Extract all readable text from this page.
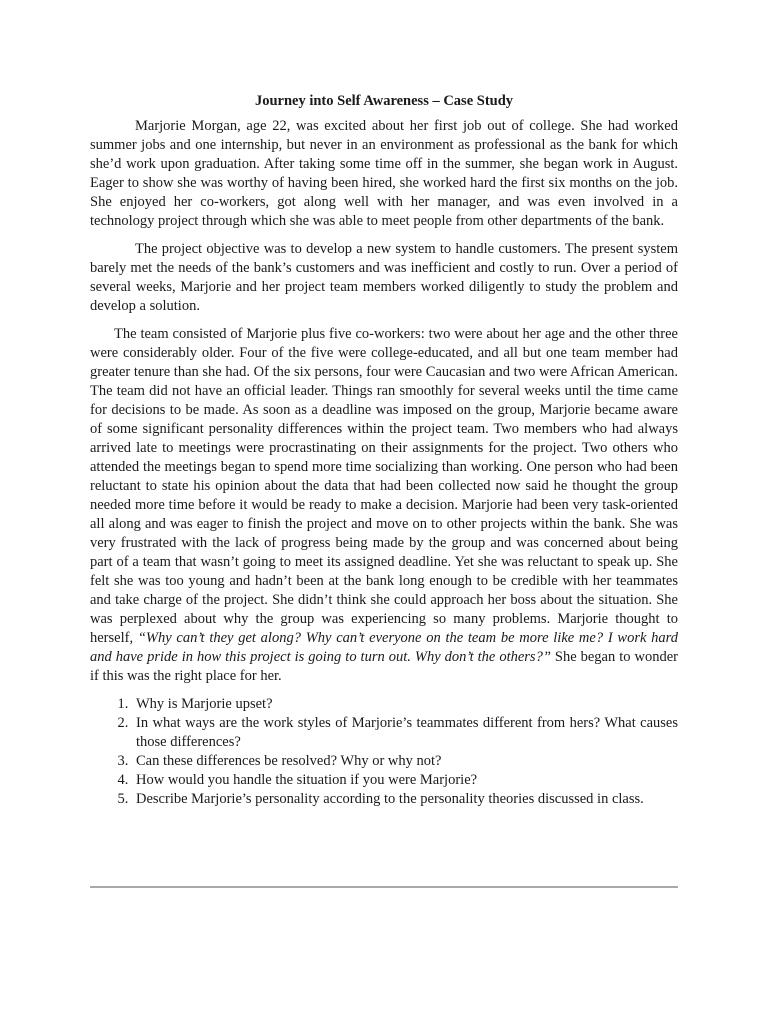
Journey into Self Awareness – Case Study

Marjorie Morgan, age 22, was excited about her first job out of college. She had worked summer jobs and one internship, but never in an environment as professional as the bank for which she’d work upon graduation. After taking some time off in the summer, she began work in August. Eager to show she was worthy of having been hired, she worked hard the first six months on the job. She enjoyed her co-workers, got along well with her manager, and was even involved in a technology project through which she was able to meet people from other departments of the bank.

The project objective was to develop a new system to handle customers. The present system barely met the needs of the bank’s customers and was inefficient and costly to run. Over a period of several weeks, Marjorie and her project team members worked diligently to study the problem and develop a solution.

The team consisted of Marjorie plus five co-workers: two were about her age and the other three were considerably older. Four of the five were college-educated, and all but one team member had greater tenure than she had. Of the six persons, four were Caucasian and two were African American. The team did not have an official leader. Things ran smoothly for several weeks until the time came for decisions to be made. As soon as a deadline was imposed on the group, Marjorie became aware of some significant personality differences within the project team. Two members who had always arrived late to meetings were procrastinating on their assignments for the project. Two others who attended the meetings began to spend more time socializing than working. One person who had been reluctant to state his opinion about the data that had been collected now said he thought the group needed more time before it would be ready to make a decision. Marjorie had been very task-oriented all along and was eager to finish the project and move on to other projects within the bank. She was very frustrated with the lack of progress being made by the group and was concerned about being part of a team that wasn’t going to meet its assigned deadline. Yet she was reluctant to speak up. She felt she was too young and hadn’t been at the bank long enough to be credible with her teammates and take charge of the project. She didn’t think she could approach her boss about the situation. She was perplexed about why the group was experiencing so many problems. Marjorie thought to herself, “Why can’t they get along? Why can’t everyone on the team be more like me? I work hard and have pride in how this project is going to turn out. Why don’t the others?” She began to wonder if this was the right place for her.

1. Why is Marjorie upset?
2. In what ways are the work styles of Marjorie’s teammates different from hers? What causes those differences?
3. Can these differences be resolved? Why or why not?
4. How would you handle the situation if you were Marjorie?
5. Describe Marjorie’s personality according to the personality theories discussed in class.
